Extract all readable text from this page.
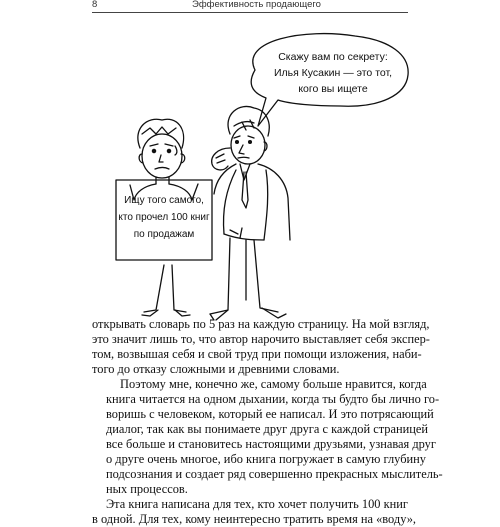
8	Эффективность продающего
Скажу вам по секрету:
Илья Кусакин — это тот,
кого вы ищете
Ищу того самого,
кто прочел 100 книг
по продажам

открывать словарь по 5 раз на каждую страницу. На мой взгляд,
это значит лишь то, что автор нарочито выставляет себя экспер-
том, возвышая себя и свой труд при помощи изложения, наби-
того до отказу сложными и древними словами.

Поэтому мне, конечно же, самому больше нравится, когда
книга читается на одном дыхании, когда ты будто бы лично го-
воришь с человеком, который ее написал. И это потрясающий
диалог, так как вы понимаете друг друга с каждой страницей
все больше и становитесь настоящими друзьями, узнавая друг
о друге очень многое, ибо книга погружает в самую глубину
подсознания и создает ряд совершенно прекрасных мыслитель-
ных процессов.

Эта книга написана для тех, кто хочет получить 100 книг
в одной. Для тех, кому неинтересно тратить время на «воду»,
